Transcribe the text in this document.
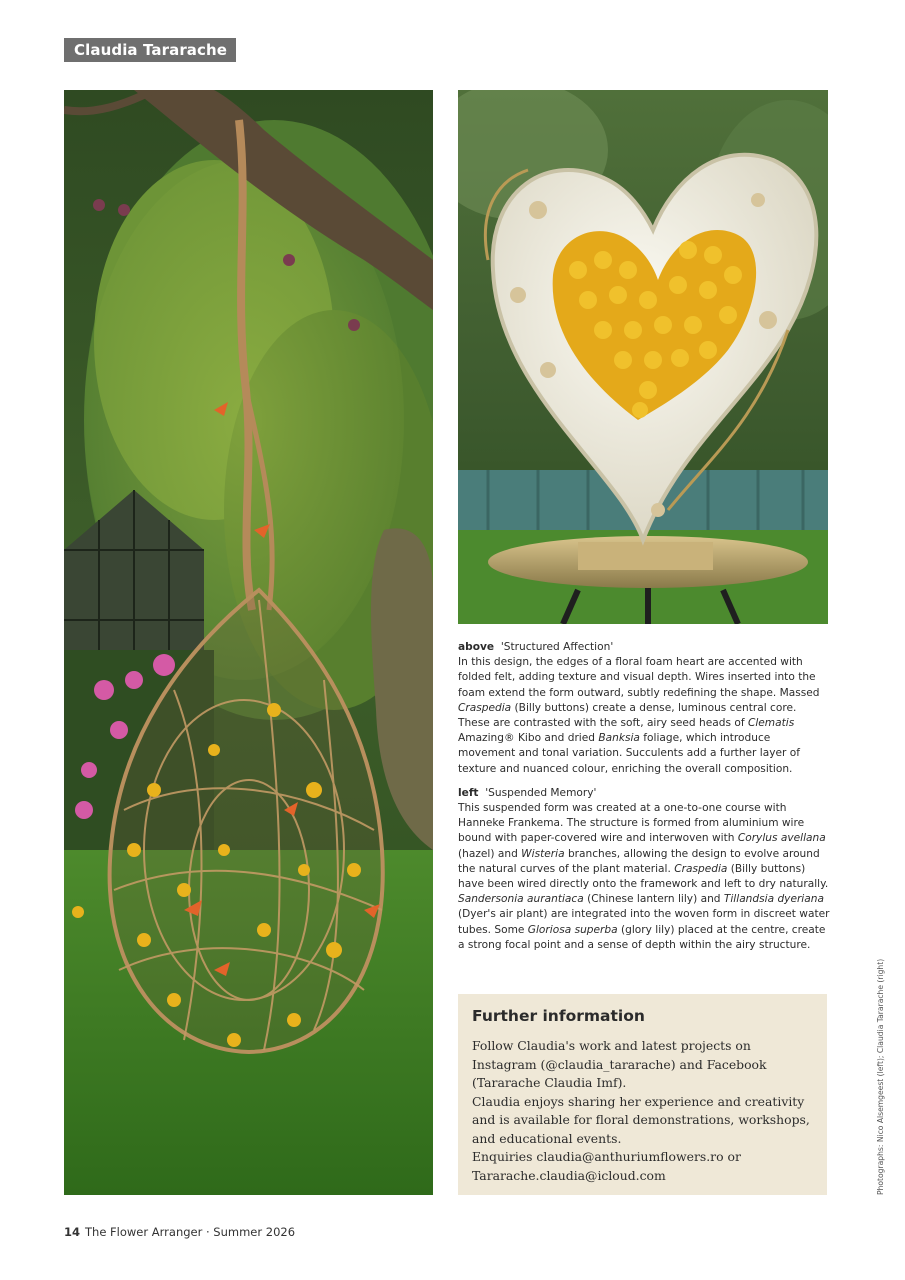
Claudia Tararache
above 'Structured Affection'
In this design, the edges of a floral foam heart are accented with folded felt, adding texture and visual depth. Wires inserted into the foam extend the form outward, subtly redefining the shape. Massed Craspedia (Billy buttons) create a dense, luminous central core. These are contrasted with the soft, airy seed heads of Clematis Amazing® Kibo and dried Banksia foliage, which introduce movement and tonal variation. Succulents add a further layer of texture and nuanced colour, enriching the overall composition.
left 'Suspended Memory'
This suspended form was created at a one-to-one course with Hanneke Frankema. The structure is formed from aluminium wire bound with paper-covered wire and interwoven with Corylus avellana (hazel) and Wisteria branches, allowing the design to evolve around the natural curves of the plant material. Craspedia (Billy buttons) have been wired directly onto the framework and left to dry naturally. Sandersonia aurantiaca (Chinese lantern lily) and Tillandsia dyeriana (Dyer's air plant) are integrated into the woven form in discreet water tubes. Some Gloriosa superba (glory lily) placed at the centre, create a strong focal point and a sense of depth within the airy structure.
Further information

Follow Claudia's work and latest projects on Instagram (@claudia_tararache) and Facebook (Tararache Claudia Imf).

Claudia enjoys sharing her experience and creativity and is available for floral demonstrations, workshops, and educational events.

Enquiries claudia@anthuriumflowers.ro or Tararache.claudia@icloud.com	Photographs: Nico Alsemgeest (left); Claudia Tararache (right)
14 The Flower Arranger · Summer 2026
